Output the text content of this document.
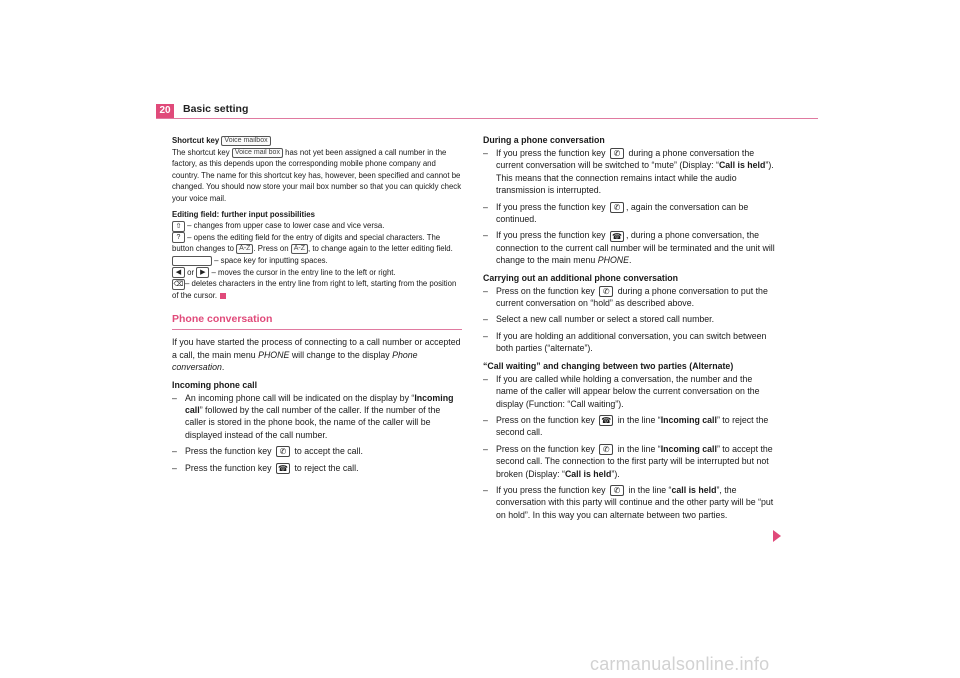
20	Basic setting

Shortcut key Voice mailbox

The shortcut key Voice mail box has not yet been assigned a call number in the factory, as this depends upon the corresponding mobile phone company and country. The name for this shortcut key has, however, been specified and cannot be changed. You should now store your mail box number so that you can quickly check your voice mail.

Editing field: further input possibilities

⇧ – changes from upper case to lower case and vice versa.

? – opens the editing field for the entry of digits and special characters. The button changes to A-Z . Press on A-Z , to change again to the letter editing field.

– space key for inputting spaces.

◀ or ▶ – moves the cursor in the entry line to the left or right.

⌫ – deletes characters in the entry line from right to left, starting from the position of the cursor.

Phone conversation

If you have started the process of connecting to a call number or accepted a call, the main menu PHONE will change to the display Phone conversation.

Incoming phone call
– An incoming phone call will be indicated on the display by “Incoming call” followed by the call number of the caller. If the number of the caller is stored in the phone book, the name of the caller will be displayed instead of the call number.
– Press the function key ✆ to accept the call.
– Press the function key ☎ to reject the call.
During a phone conversation
– If you press the function key ✆ during a phone conversation the current conversation will be switched to “mute” (Display: “Call is held”). This means that the connection remains intact while the audio transmission is interrupted.
– If you press the function key ✆ , again the conversation can be continued.
– If you press the function key ☎ , during a phone conversation, the connection to the current call number will be terminated and the unit will change to the main menu PHONE.
Carrying out an additional phone conversation
– Press on the function key ✆ during a phone conversation to put the current conversation on “hold” as described above.
– Select a new call number or select a stored call number.
– If you are holding an additional conversation, you can switch between both parties (“alternate”).
“Call waiting” and changing between two parties (Alternate)
– If you are called while holding a conversation, the number and the name of the caller will appear below the current conversation on the display (Function: “Call waiting”).
– Press on the function key ☎ in the line “Incoming call” to reject the second call.
– Press on the function key ✆ in the line “Incoming call” to accept the second call. The connection to the first party will be interrupted but not broken (Display: “Call is held”).
– If you press the function key ✆ in the line “call is held”, the conversation with this party will continue and the other party will be “put on hold”. In this way you can alternate between two parties.
carmanualsonline.info
